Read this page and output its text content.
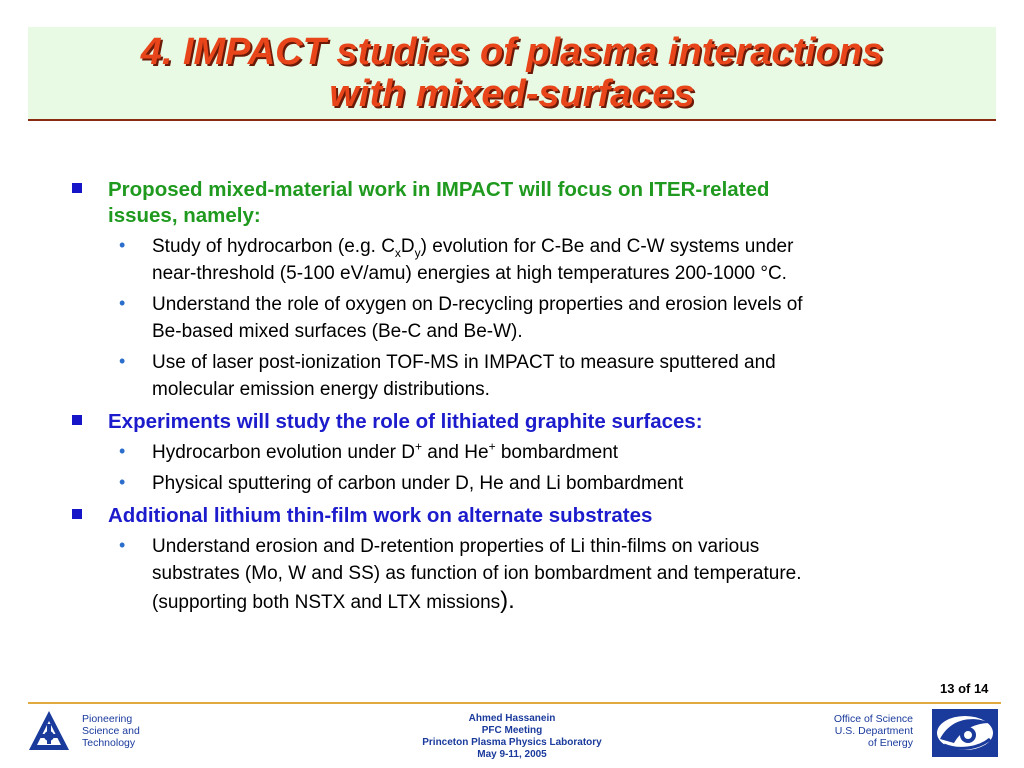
4. IMPACT studies of plasma interactions
with mixed-surfaces
Proposed mixed-material work in IMPACT will focus on ITER-related
issues, namely:
• Study of hydrocarbon (e.g. $C_xD_y$) evolution for C-Be and C-W systems under
near-threshold (5-100 eV/amu) energies at high temperatures 200-1000 °C.
• Understand the role of oxygen on D-recycling properties and erosion levels of
Be-based mixed surfaces (Be-C and Be-W).
• Use of laser post-ionization TOF-MS in IMPACT to measure sputtered and
molecular emission energy distributions.
Experiments will study the role of lithiated graphite surfaces:
• Hydrocarbon evolution under D+ and He+ bombardment
• Physical sputtering of carbon under D, He and Li bombardment
Additional lithium thin-film work on alternate substrates
• Understand erosion and D-retention properties of Li thin-films on various
substrates (Mo, W and SS) as function of ion bombardment and temperature.
(supporting both NSTX and LTX missions).
13 of 14
Pioneering
Science and
Technology
Ahmed Hassanein
PFC Meeting
Princeton Plasma Physics Laboratory
May 9-11, 2005
Office of Science
U.S. Department
of Energy
